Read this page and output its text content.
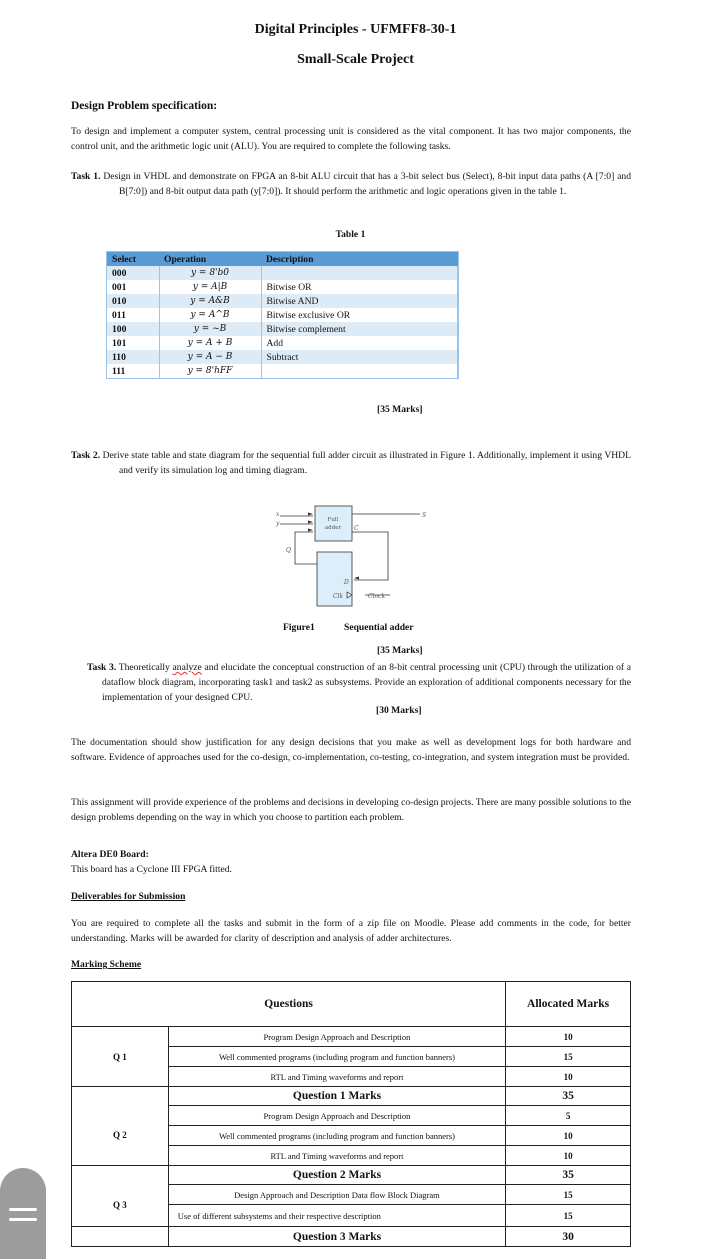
Digital Principles - UFMFF8-30-1
Small-Scale Project
Design Problem specification:
To design and implement a computer system, central processing unit is considered as the vital component. It has two major components, the control unit, and the arithmetic logic unit (ALU). You are required to complete the following tasks.
Task 1. Design in VHDL and demonstrate on FPGA an 8-bit ALU circuit that has a 3-bit select bus (Select), 8-bit input data paths (A [7:0] and B[7:0]) and 8-bit output data path (y[7:0]). It should perform the arithmetic and logic operations given in the table 1.
Table 1
Select	Operation	Description
000	y = 8'b0	
001	y = A|B	Bitwise OR
010	y = A&B	Bitwise AND
011	y = A^B	Bitwise exclusive OR
100	y = ~B	Bitwise complement
101	y = A + B	Add
110	y = A − B	Subtract
111	y = 8'hFF	
[35 Marks]
Task 2. Derive state table and state diagram for the sequential full adder circuit as illustrated in Figure 1. Additionally, implement it using VHDL and verify its simulation log and timing diagram.
x
y
S
C
Q
D
Clk	Clock
Full
adder
Figure1	Sequential adder
[35 Marks]
Task 3. Theoretically analyze and elucidate the conceptual construction of an 8-bit central processing unit (CPU) through the utilization of a dataflow block diagram, incorporating task1 and task2 as subsystems. Provide an exploration of additional components necessary for the implementation of your designed CPU.
[30 Marks]
The documentation should show justification for any design decisions that you make as well as development logs for both hardware and software. Evidence of approaches used for the co-design, co-implementation, co-testing, co-integration, and system integration must be provided.
This assignment will provide experience of the problems and decisions in developing co-design projects. There are many possible solutions to the design problems depending on the way in which you choose to partition each problem.
Altera DE0 Board:
This board has a Cyclone III FPGA fitted.
Deliverables for Submission
You are required to complete all the tasks and submit in the form of a zip file on Moodle. Please add comments in the code, for better understanding. Marks will be awarded for clarity of description and analysis of adder architectures.
Marking Scheme
Questions		Allocated Marks
Q 1	Program Design Approach and Description	10
	Well commented programs (including program and function banners)	15
	RTL and Timing waveforms and report	10
	Question 1 Marks	35
Q 2	Program Design Approach and Description	5
	Well commented programs (including program and function banners)	10
	RTL and Timing waveforms and report	10
	Question 2 Marks	35
Q 3	Design Approach and Description Data flow Block Diagram	15
	Use of different subsystems and their respective description	15
	Question 3 Marks	30
